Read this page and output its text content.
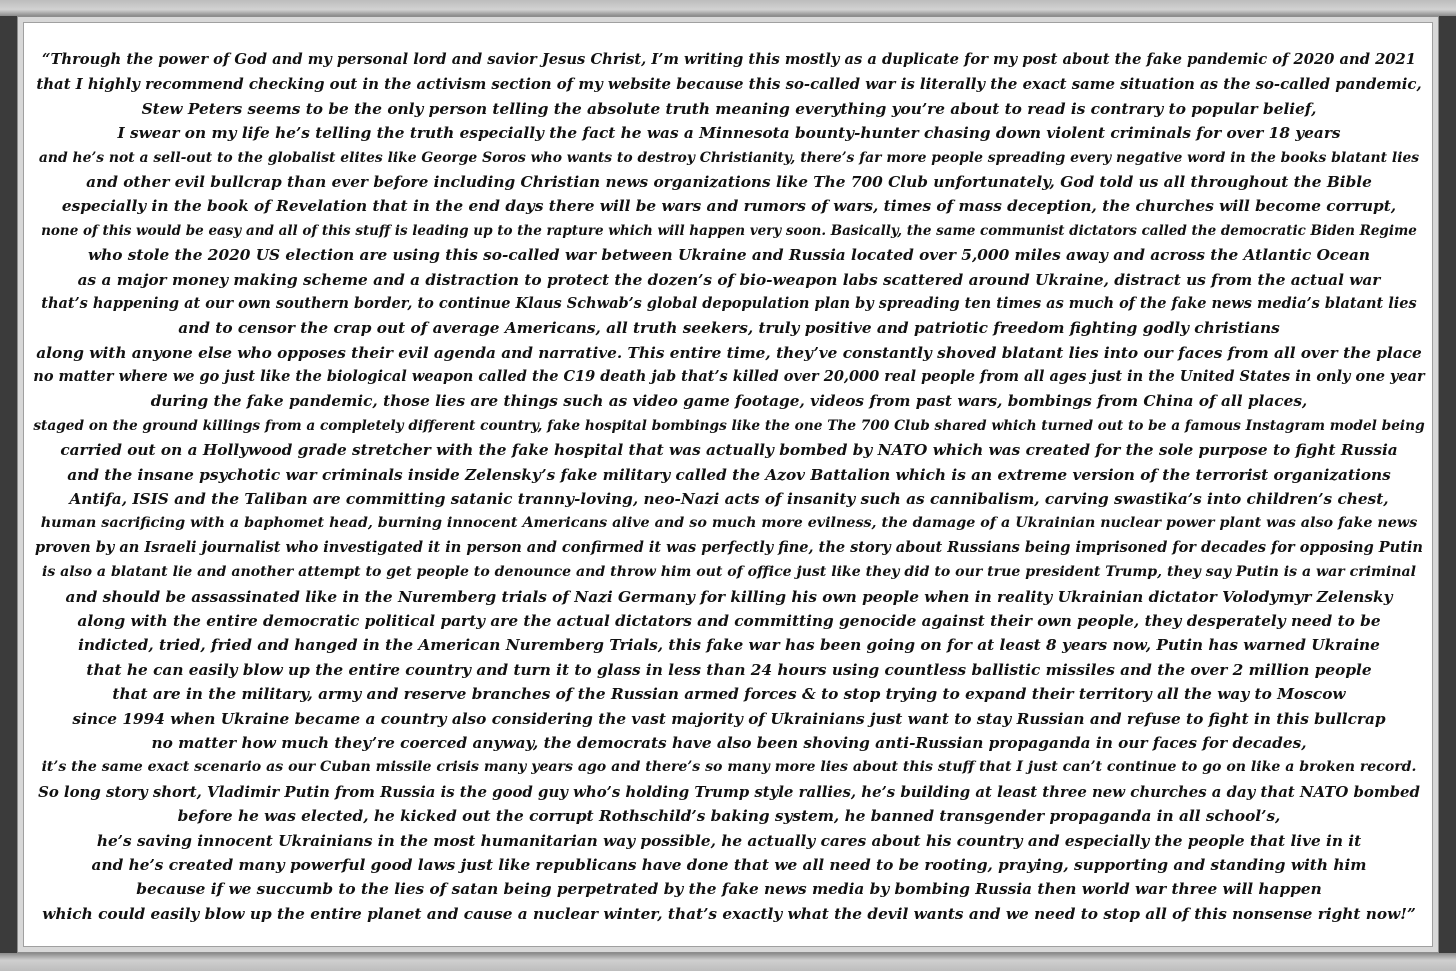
“Through the power of God and my personal lord and savior Jesus Christ, I’m writing this mostly as a duplicate for my post about the fake pandemic of 2020 and 2021
that I highly recommend checking out in the activism section of my website because this so-called war is literally the exact same situation as the so-called pandemic,
Stew Peters seems to be the only person telling the absolute truth meaning everything you’re about to read is contrary to popular belief,
I swear on my life he’s telling the truth especially the fact he was a Minnesota bounty-hunter chasing down violent criminals for over 18 years
and he’s not a sell-out to the globalist elites like George Soros who wants to destroy Christianity, there’s far more people spreading every negative word in the books blatant lies
and other evil bullcrap than ever before including Christian news organizations like The 700 Club unfortunately, God told us all throughout the Bible
especially in the book of Revelation that in the end days there will be wars and rumors of wars, times of mass deception, the churches will become corrupt,
none of this would be easy and all of this stuff is leading up to the rapture which will happen very soon. Basically, the same communist dictators called the democratic Biden Regime
who stole the 2020 US election are using this so-called war between Ukraine and Russia located over 5,000 miles away and across the Atlantic Ocean
as a major money making scheme and a distraction to protect the dozen’s of bio-weapon labs scattered around Ukraine, distract us from the actual war
that’s happening at our own southern border, to continue Klaus Schwab’s global depopulation plan by spreading ten times as much of the fake news media’s blatant lies
and to censor the crap out of average Americans, all truth seekers, truly positive and patriotic freedom fighting godly christians
along with anyone else who opposes their evil agenda and narrative. This entire time, they’ve constantly shoved blatant lies into our faces from all over the place
no matter where we go just like the biological weapon called the C19 death jab that’s killed over 20,000 real people from all ages just in the United States in only one year
during the fake pandemic, those lies are things such as video game footage, videos from past wars, bombings from China of all places,
staged on the ground killings from a completely different country, fake hospital bombings like the one The 700 Club shared which turned out to be a famous Instagram model being
carried out on a Hollywood grade stretcher with the fake hospital that was actually bombed by NATO which was created for the sole purpose to fight Russia
and the insane psychotic war criminals inside Zelensky’s fake military called the Azov Battalion which is an extreme version of the terrorist organizations
Antifa, ISIS and the Taliban are committing satanic tranny-loving, neo-Nazi acts of insanity such as cannibalism, carving swastika’s into children’s chest,
human sacrificing with a baphomet head, burning innocent Americans alive and so much more evilness, the damage of a Ukrainian nuclear power plant was also fake news
proven by an Israeli journalist who investigated it in person and confirmed it was perfectly fine, the story about Russians being imprisoned for decades for opposing Putin
is also a blatant lie and another attempt to get people to denounce and throw him out of office just like they did to our true president Trump, they say Putin is a war criminal
and should be assassinated like in the Nuremberg trials of Nazi Germany for killing his own people when in reality Ukrainian dictator Volodymyr Zelensky
along with the entire democratic political party are the actual dictators and committing genocide against their own people, they desperately need to be
indicted, tried, fried and hanged in the American Nuremberg Trials, this fake war has been going on for at least 8 years now, Putin has warned Ukraine
that he can easily blow up the entire country and turn it to glass in less than 24 hours using countless ballistic missiles and the over 2 million people
that are in the military, army and reserve branches of the Russian armed forces & to stop trying to expand their territory all the way to Moscow
since 1994 when Ukraine became a country also considering the vast majority of Ukrainians just want to stay Russian and refuse to fight in this bullcrap
no matter how much they’re coerced anyway, the democrats have also been shoving anti-Russian propaganda in our faces for decades,
it’s the same exact scenario as our Cuban missile crisis many years ago and there’s so many more lies about this stuff that I just can’t continue to go on like a broken record.
So long story short, Vladimir Putin from Russia is the good guy who’s holding Trump style rallies, he’s building at least three new churches a day that NATO bombed
before he was elected, he kicked out the corrupt Rothschild’s baking system, he banned transgender propaganda in all school’s,
he’s saving innocent Ukrainians in the most humanitarian way possible, he actually cares about his country and especially the people that live in it
and he’s created many powerful good laws just like republicans have done that we all need to be rooting, praying, supporting and standing with him
because if we succumb to the lies of satan being perpetrated by the fake news media by bombing Russia then world war three will happen
which could easily blow up the entire planet and cause a nuclear winter, that’s exactly what the devil wants and we need to stop all of this nonsense right now!”
